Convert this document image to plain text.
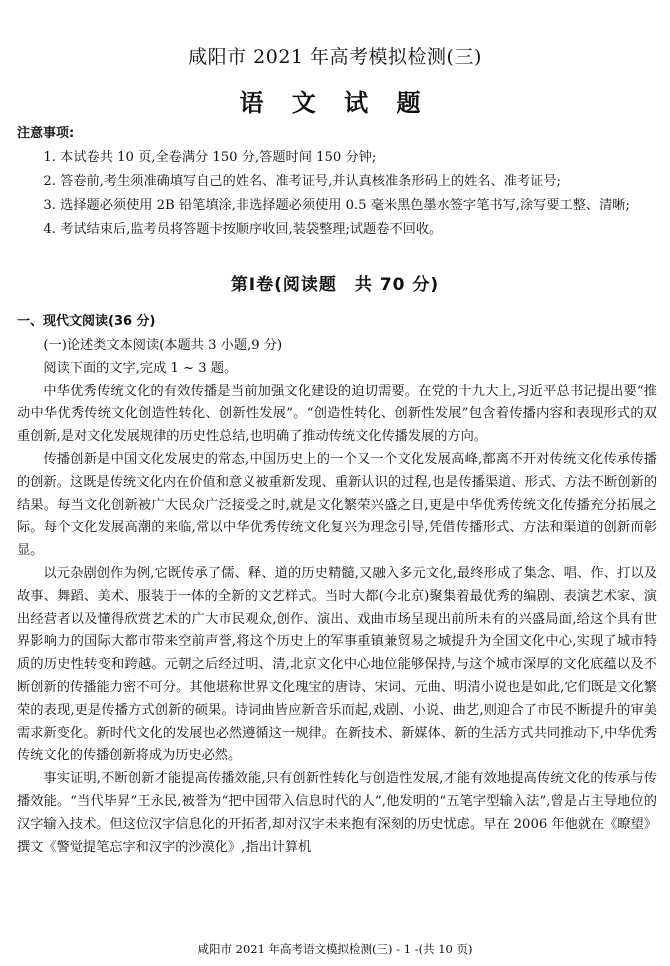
咸阳市 2021 年高考模拟检测(三)
语 文 试 题
注意事项:

1. 本试卷共 10 页,全卷满分 150 分,答题时间 150 分钟;

2. 答卷前,考生须准确填写自己的姓名、准考证号,并认真核准条形码上的姓名、准考证号;

3. 选择题必须使用 2B 铅笔填涂,非选择题必须使用 0.5 毫米黑色墨水签字笔书写,涂写要工整、清晰;

4. 考试结束后,监考员将答题卡按顺序收回,装袋整理;试题卷不回收。

第Ⅰ卷(阅读题　共 70 分)
一、现代文阅读(36 分)

(一)论述类文本阅读(本题共 3 小题,9 分)

阅读下面的文字,完成 1 ~ 3 题。

中华优秀传统文化的有效传播是当前加强文化建设的迫切需要。在党的十九大上,习近平总书记提出要“推动中华优秀传统文化创造性转化、创新性发展”。“创造性转化、创新性发展”包含着传播内容和表现形式的双重创新,是对文化发展规律的历史性总结,也明确了推动传统文化传播发展的方向。

传播创新是中国文化发展史的常态,中国历史上的一个又一个文化发展高峰,都离不开对传统文化传承传播的创新。这既是传统文化内在价值和意义被重新发现、重新认识的过程,也是传播渠道、形式、方法不断创新的结果。每当文化创新被广大民众广泛接受之时,就是文化繁荣兴盛之日,更是中华优秀传统文化传播充分拓展之际。每个文化发展高潮的来临,常以中华优秀传统文化复兴为理念引导,凭借传播形式、方法和渠道的创新而彰显。

以元杂剧创作为例,它既传承了儒、释、道的历史精髓,又融入多元文化,最终形成了集念、唱、作、打以及故事、舞蹈、美术、服装于一体的全新的文艺样式。当时大都(今北京)聚集着最优秀的编剧、表演艺术家、演出经营者以及懂得欣赏艺术的广大市民观众,创作、演出、戏曲市场呈现出前所未有的兴盛局面,给这个具有世界影响力的国际大都市带来空前声誉,将这个历史上的军事重镇兼贸易之城提升为全国文化中心,实现了城市特质的历史性转变和跨越。元朝之后经过明、清,北京文化中心地位能够保持,与这个城市深厚的文化底蕴以及不断创新的传播能力密不可分。其他堪称世界文化瑰宝的唐诗、宋词、元曲、明清小说也是如此,它们既是文化繁荣的表现,更是传播方式创新的硕果。诗词曲皆应新音乐而起,戏剧、小说、曲艺,则迎合了市民不断提升的审美需求新变化。新时代文化的发展也必然遵循这一规律。在新技术、新媒体、新的生活方式共同推动下,中华优秀传统文化的传播创新将成为历史必然。

事实证明,不断创新才能提高传播效能,只有创新性转化与创造性发展,才能有效地提高传统文化的传承与传播效能。“当代毕昇”王永民,被誉为“把中国带入信息时代的人”,他发明的“五笔字型输入法”,曾是占主导地位的汉字输入技术。但这位汉字信息化的开拓者,却对汉字未来抱有深刻的历史忧虑。早在 2006 年他就在《瞭望》撰文《警觉提笔忘字和汉字的沙漠化》,指出计算机

咸阳市 2021 年高考语文模拟检测(三) - 1 -(共 10 页)
